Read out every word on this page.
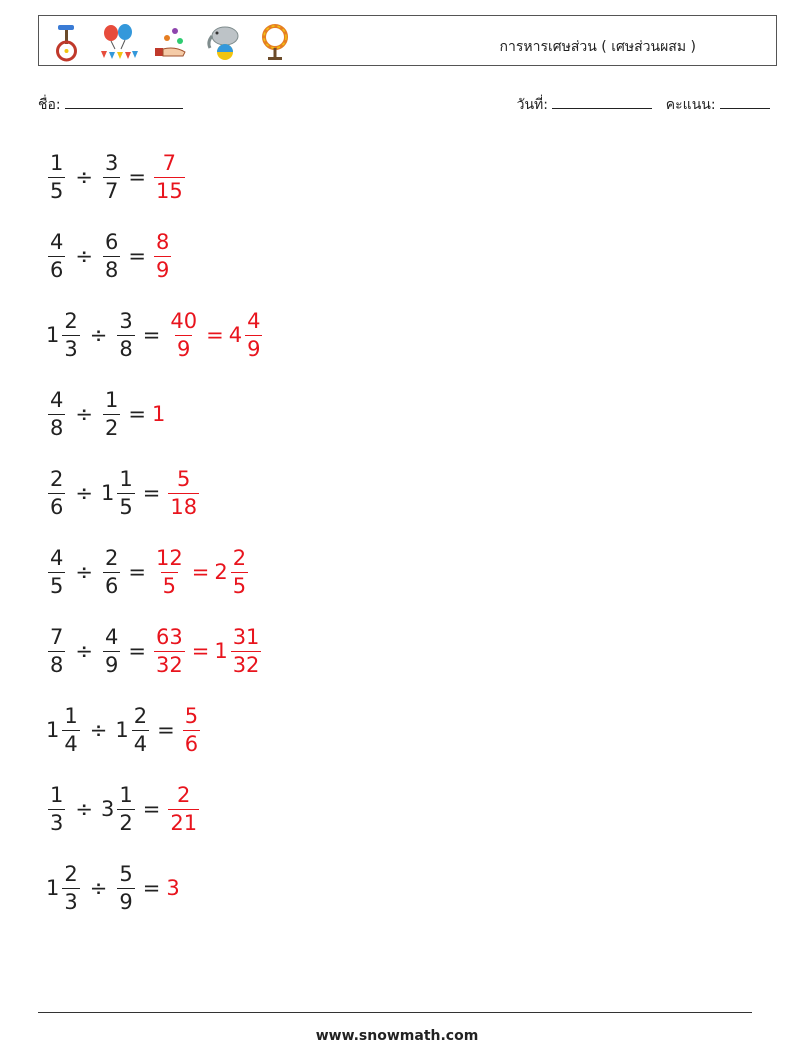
การหารเศษส่วน ( เศษส่วนผสม )
ชื่อ:	วันที่:	คะแนน:
$\frac{1}{5} \div \frac{3}{7} = \frac{7}{15}$
$\frac{4}{6} \div \frac{6}{8} = \frac{8}{9}$
$1 \frac{2}{3} \div \frac{3}{8} = \frac{40}{9} = 4 \frac{4}{9}$
$\frac{4}{8} \div \frac{1}{2} = 1$
$\frac{2}{6} \div 1 \frac{1}{5} = \frac{5}{18}$
$\frac{4}{5} \div \frac{2}{6} = \frac{12}{5} = 2 \frac{2}{5}$
$\frac{7}{8} \div \frac{4}{9} = \frac{63}{32} = 1 \frac{31}{32}$
$1 \frac{1}{4} \div 1 \frac{2}{4} = \frac{5}{6}$
$\frac{1}{3} \div 3 \frac{1}{2} = \frac{2}{21}$
$1 \frac{2}{3} \div \frac{5}{9} = 3$
www.snowmath.com
